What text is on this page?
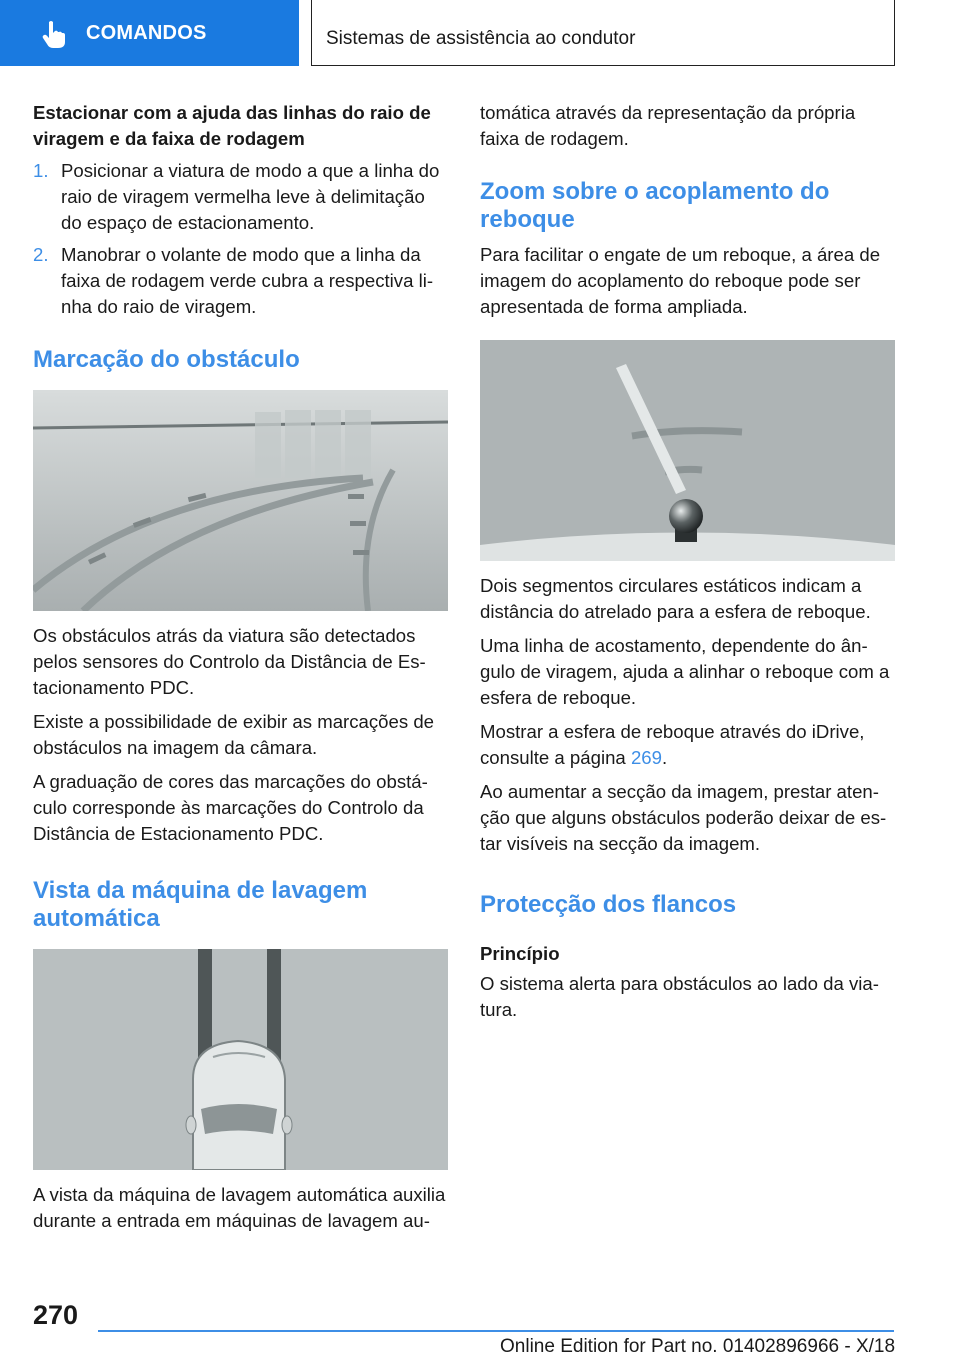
COMANDOS	Sistemas de assistência ao condutor
Estacionar com a ajuda das linhas do raio de viragem e da faixa de rodagem
1. Posicionar a viatura de modo a que a linha do raio de viragem vermelha leve à delimitação do espaço de estacionamento.
2. Manobrar o volante de modo que a linha da faixa de rodagem verde cubra a respectiva li-nha do raio de viragem.
Marcação do obstáculo

Os obstáculos atrás da viatura são detectados pelos sensores do Controlo da Distância de Es-tacionamento PDC.

Existe a possibilidade de exibir as marcações de obstáculos na imagem da câmara.

A graduação de cores das marcações do obstá-culo corresponde às marcações do Controlo da Distância de Estacionamento PDC.

Vista da máquina de lavagem automática

A vista da máquina de lavagem automática auxilia durante a entrada em máquinas de lavagem au-

tomática através da representação da própria faixa de rodagem.

Zoom sobre o acoplamento do reboque

Para facilitar o engate de um reboque, a área de imagem do acoplamento do reboque pode ser apresentada de forma ampliada.

Dois segmentos circulares estáticos indicam a distância do atrelado para a esfera de reboque.

Uma linha de acostamento, dependente do ân-gulo de viragem, ajuda a alinhar o reboque com a esfera de reboque.

Mostrar a esfera de reboque através do iDrive, consulte a página 269.

Ao aumentar a secção da imagem, prestar aten-ção que alguns obstáculos poderão deixar de es-tar visíveis na secção da imagem.

Protecção dos flancos
Princípio

O sistema alerta para obstáculos ao lado da via-tura.

270
Online Edition for Part no. 01402896966 - X/18
